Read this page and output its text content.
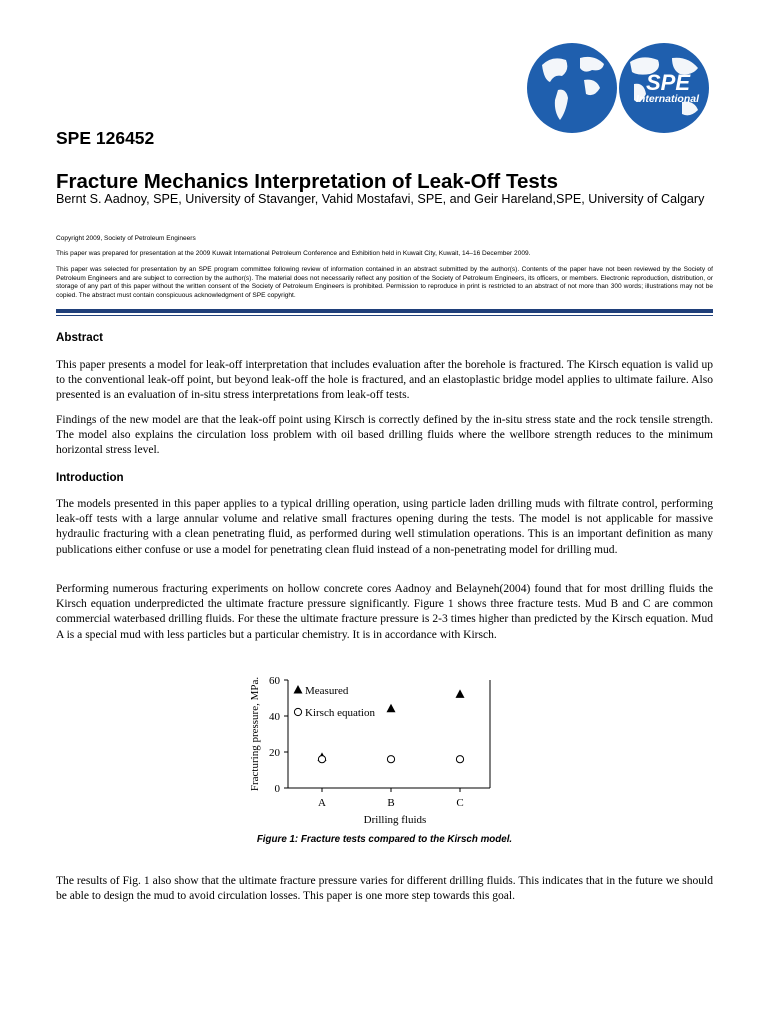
SPE
International
SPE 126452
Fracture Mechanics Interpretation of Leak-Off Tests
Bernt S. Aadnoy, SPE, University of Stavanger, Vahid Mostafavi, SPE, and Geir Hareland,SPE, University of Calgary
Copyright 2009, Society of Petroleum Engineers
This paper was prepared for presentation at the 2009 Kuwait International Petroleum Conference and Exhibition held in Kuwait City, Kuwait, 14–16 December 2009.
This paper was selected for presentation by an SPE program committee following review of information contained in an abstract submitted by the author(s). Contents of the paper have not been reviewed by the Society of Petroleum Engineers and are subject to correction by the author(s). The material does not necessarily reflect any position of the Society of Petroleum Engineers, its officers, or members. Electronic reproduction, distribution, or storage of any part of this paper without the written consent of the Society of Petroleum Engineers is prohibited. Permission to reproduce in print is restricted to an abstract of not more than 300 words; illustrations may not be copied. The abstract must contain conspicuous acknowledgment of SPE copyright.
Abstract
This paper presents a model for leak-off interpretation that includes evaluation after the borehole is fractured. The Kirsch equation is valid up to the conventional leak-off point, but beyond leak-off the hole is fractured, and an elastoplastic bridge model applies to ultimate failure. Also presented is an evaluation of in-situ stress interpretations from leak-off tests.
Findings of the new model are that the leak-off point using Kirsch is correctly defined by the in-situ stress state and the rock tensile strength. The model also explains the circulation loss problem with oil based drilling fluids where the wellbore strength reduces to the minimum horizontal stress level.
Introduction
The models presented in this paper applies to a typical drilling operation, using particle laden drilling muds with filtrate control, performing leak-off tests with a large annular volume and relative small fractures opening during the tests. The model is not applicable for massive hydraulic fracturing with a clean penetrating fluid, as performed during well stimulation operations. This is an important definition as many publications either confuse or use a model for penetrating clean fluid instead of a non-penetrating model for drilling mud.
Performing numerous fracturing experiments on hollow concrete cores Aadnoy and Belayneh(2004) found that for most drilling fluids the Kirsch equation underpredicted the ultimate fracture pressure significantly. Figure 1 shows three fracture tests. Mud B and C are common commercial waterbased drilling fluids. For these the ultimate fracture pressure is 2-3 times higher than predicted by the Kirsch equation. Mud A is a special mud with less particles but a particular chemistry. It is in accordance with Kirsch.
Fracturing pressure, MPa.
Drilling fluids
0
20
40
60
A	B	C
Measured
Kirsch equation
Figure 1: Fracture tests compared to the Kirsch model.
The results of Fig. 1 also show that the ultimate fracture pressure varies for different drilling fluids. This indicates that in the future we should be able to design the mud to avoid circulation losses. This paper is one more step towards this goal.
